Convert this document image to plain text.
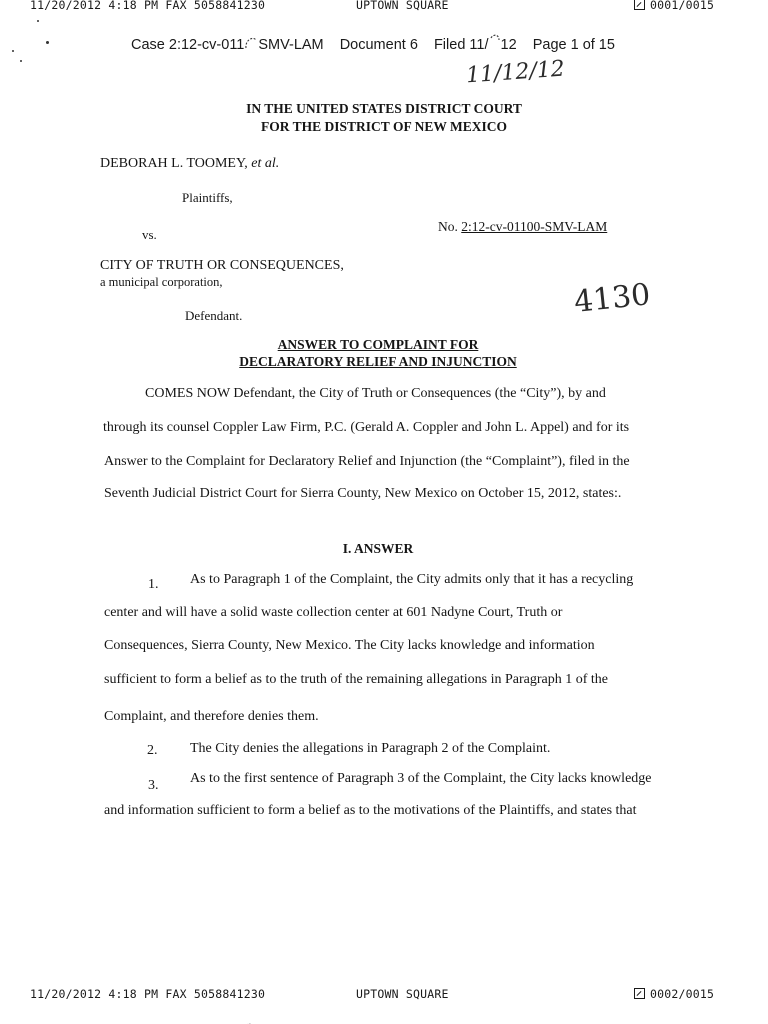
11/20/2012 4:18 PM FAX 5058841230	UPTOWN SQUARE	0001/0015
Case 2:12-cv-011 SMV-LAM Document 6 Filed 11/ 12 Page 1 of 15
11/12/12
IN THE UNITED STATES DISTRICT COURT
FOR THE DISTRICT OF NEW MEXICO
DEBORAH L. TOOMEY, et al.
Plaintiffs,
vs.
No. 2:12-cv-01100-SMV-LAM
CITY OF TRUTH OR CONSEQUENCES,
a municipal corporation,	4130
Defendant.
ANSWER TO COMPLAINT FOR
DECLARATORY RELIEF AND INJUNCTION
COMES NOW Defendant, the City of Truth or Consequences (the “City”), by and
through its counsel Coppler Law Firm, P.C. (Gerald A. Coppler and John L. Appel) and for its
Answer to the Complaint for Declaratory Relief and Injunction (the “Complaint”), filed in the
Seventh Judicial District Court for Sierra County, New Mexico on October 15, 2012, states:.
I. ANSWER
1. As to Paragraph 1 of the Complaint, the City admits only that it has a recycling
center and will have a solid waste collection center at 601 Nadyne Court, Truth or
Consequences, Sierra County, New Mexico. The City lacks knowledge and information
sufficient to form a belief as to the truth of the remaining allegations in Paragraph 1 of the
Complaint, and therefore denies them.
2. The City denies the allegations in Paragraph 2 of the Complaint.
3. As to the first sentence of Paragraph 3 of the Complaint, the City lacks knowledge
and information sufficient to form a belief as to the motivations of the Plaintiffs, and states that
11/20/2012 4:18 PM FAX 5058841230	UPTOWN SQUARE	0002/0015
